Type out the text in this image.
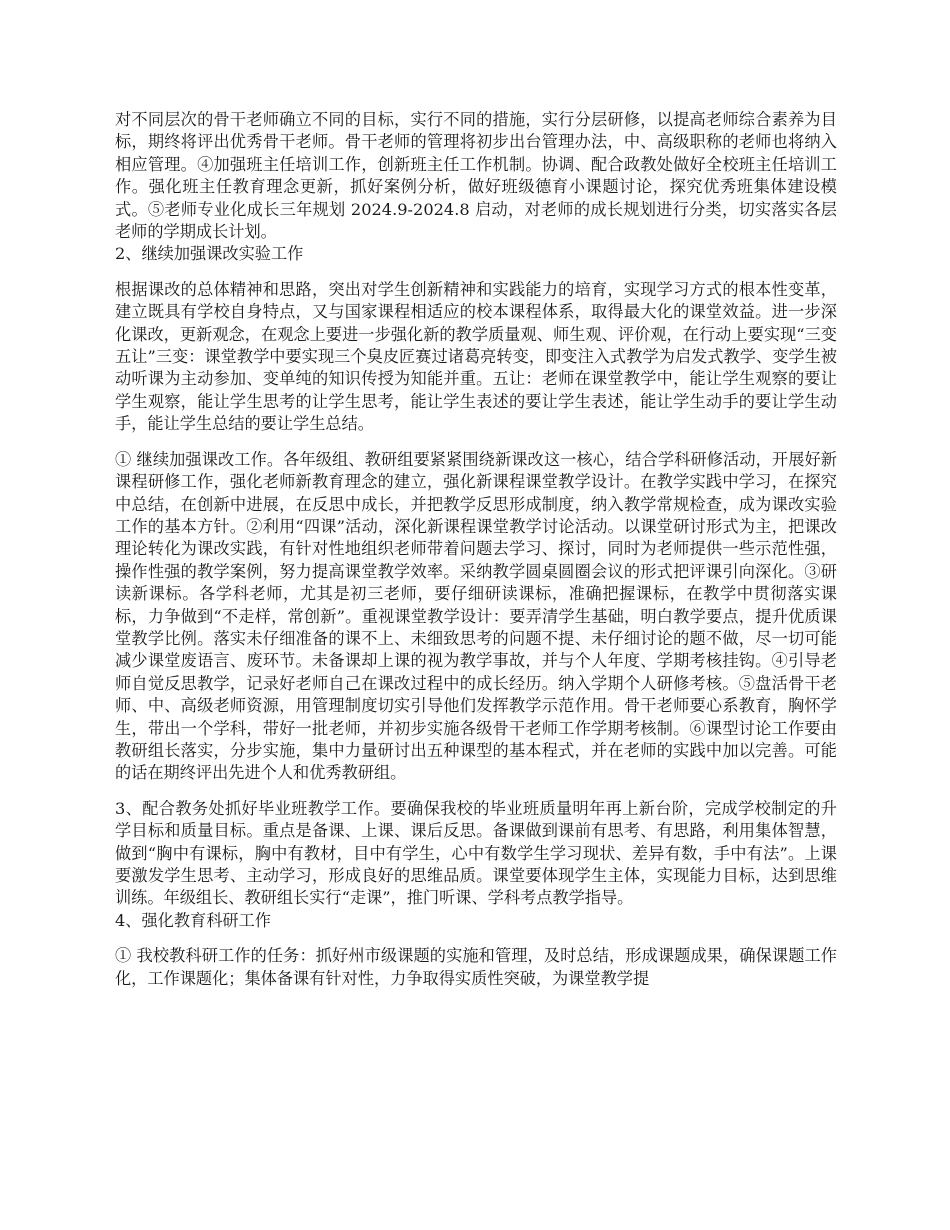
对不同层次的骨干老师确立不同的目标，实行不同的措施，实行分层研修，以提高老师综合素养为目标，期终将评出优秀骨干老师。骨干老师的管理将初步出台管理办法，中、高级职称的老师也将纳入相应管理。④加强班主任培训工作，创新班主任工作机制。协调、配合政教处做好全校班主任培训工作。强化班主任教育理念更新，抓好案例分析，做好班级德育小课题讨论，探究优秀班集体建设模式。⑤老师专业化成长三年规划 2024.9-2024.8 启动，对老师的成长规划进行分类，切实落实各层老师的学期成长计划。

2、继续加强课改实验工作

根据课改的总体精神和思路，突出对学生创新精神和实践能力的培育，实现学习方式的根本性变革，建立既具有学校自身特点，又与国家课程相适应的校本课程体系，取得最大化的课堂效益。进一步深化课改，更新观念，在观念上要进一步强化新的教学质量观、师生观、评价观，在行动上要实现“三变五让”三变：课堂教学中要实现三个臭皮匠赛过诸葛亮转变，即变注入式教学为启发式教学、变学生被动听课为主动参加、变单纯的知识传授为知能并重。五让：老师在课堂教学中，能让学生观察的要让学生观察，能让学生思考的让学生思考，能让学生表述的要让学生表述，能让学生动手的要让学生动手，能让学生总结的要让学生总结。

① 继续加强课改工作。各年级组、教研组要紧紧围绕新课改这一核心，结合学科研修活动，开展好新课程研修工作，强化老师新教育理念的建立，强化新课程课堂教学设计。在教学实践中学习，在探究中总结，在创新中进展，在反思中成长，并把教学反思形成制度，纳入教学常规检查，成为课改实验工作的基本方针。②利用“四课”活动，深化新课程课堂教学讨论活动。以课堂研讨形式为主，把课改理论转化为课改实践，有针对性地组织老师带着问题去学习、探讨，同时为老师提供一些示范性强，操作性强的教学案例，努力提高课堂教学效率。采纳教学圆桌圆圈会议的形式把评课引向深化。③研读新课标。各学科老师，尤其是初三老师，要仔细研读课标，准确把握课标，在教学中贯彻落实课标，力争做到“不走样，常创新”。重视课堂教学设计：要弄清学生基础，明白教学要点，提升优质课堂教学比例。落实未仔细准备的课不上、未细致思考的问题不提、未仔细讨论的题不做，尽一切可能减少课堂废语言、废环节。未备课却上课的视为教学事故，并与个人年度、学期考核挂钩。④引导老师自觉反思教学，记录好老师自己在课改过程中的成长经历。纳入学期个人研修考核。⑤盘活骨干老师、中、高级老师资源，用管理制度切实引导他们发挥教学示范作用。骨干老师要心系教育，胸怀学生，带出一个学科，带好一批老师，并初步实施各级骨干老师工作学期考核制。⑥课型讨论工作要由教研组长落实，分步实施，集中力量研讨出五种课型的基本程式，并在老师的实践中加以完善。可能的话在期终评出先进个人和优秀教研组。

3、配合教务处抓好毕业班教学工作。要确保我校的毕业班质量明年再上新台阶，完成学校制定的升学目标和质量目标。重点是备课、上课、课后反思。备课做到课前有思考、有思路，利用集体智慧，做到“胸中有课标，胸中有教材，目中有学生，心中有数学生学习现状、差异有数，手中有法”。上课要激发学生思考、主动学习，形成良好的思维品质。课堂要体现学生主体，实现能力目标，达到思维训练。年级组长、教研组长实行“走课”，推门听课、学科考点教学指导。

4、强化教育科研工作

① 我校教科研工作的任务：抓好州市级课题的实施和管理，及时总结，形成课题成果，确保课题工作化，工作课题化；集体备课有针对性，力争取得实质性突破，为课堂教学提
